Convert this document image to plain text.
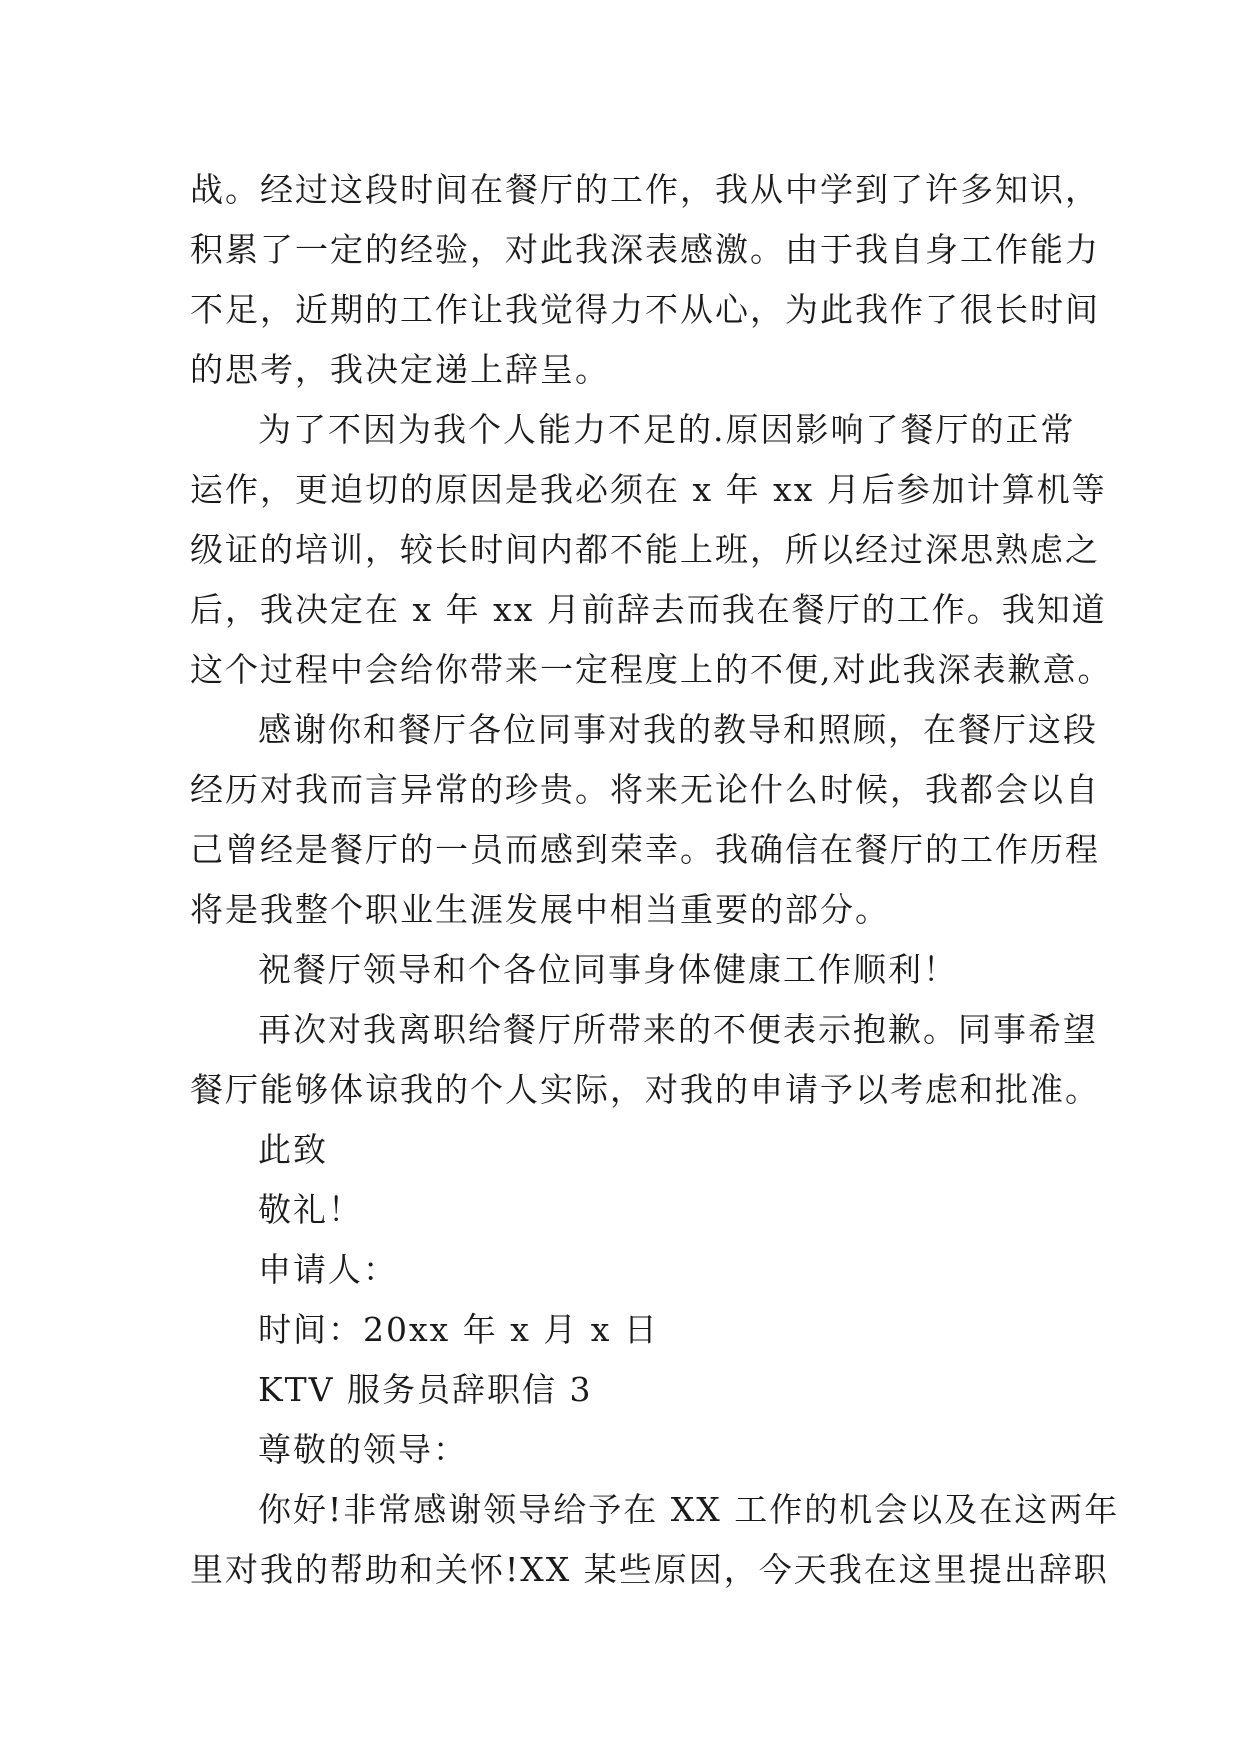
战。经过这段时间在餐厅的工作，我从中学到了许多知识，
积累了一定的经验，对此我深表感激。由于我自身工作能力
不足，近期的工作让我觉得力不从心，为此我作了很长时间
的思考，我决定递上辞呈。
为了不因为我个人能力不足的.原因影响了餐厅的正常
运作，更迫切的原因是我必须在 x 年 xx 月后参加计算机等
级证的培训，较长时间内都不能上班，所以经过深思熟虑之
后，我决定在 x 年 xx 月前辞去而我在餐厅的工作。我知道
这个过程中会给你带来一定程度上的不便,对此我深表歉意。
感谢你和餐厅各位同事对我的教导和照顾，在餐厅这段
经历对我而言异常的珍贵。将来无论什么时候，我都会以自
己曾经是餐厅的一员而感到荣幸。我确信在餐厅的工作历程
将是我整个职业生涯发展中相当重要的部分。
祝餐厅领导和个各位同事身体健康工作顺利！
再次对我离职给餐厅所带来的不便表示抱歉。同事希望
餐厅能够体谅我的个人实际，对我的申请予以考虑和批准。
此致
敬礼！
申请人：
时间：20xx 年 x 月 x 日
KTV 服务员辞职信 3
尊敬的领导：
你好!非常感谢领导给予在 XX 工作的机会以及在这两年
里对我的帮助和关怀!XX 某些原因，今天我在这里提出辞职
